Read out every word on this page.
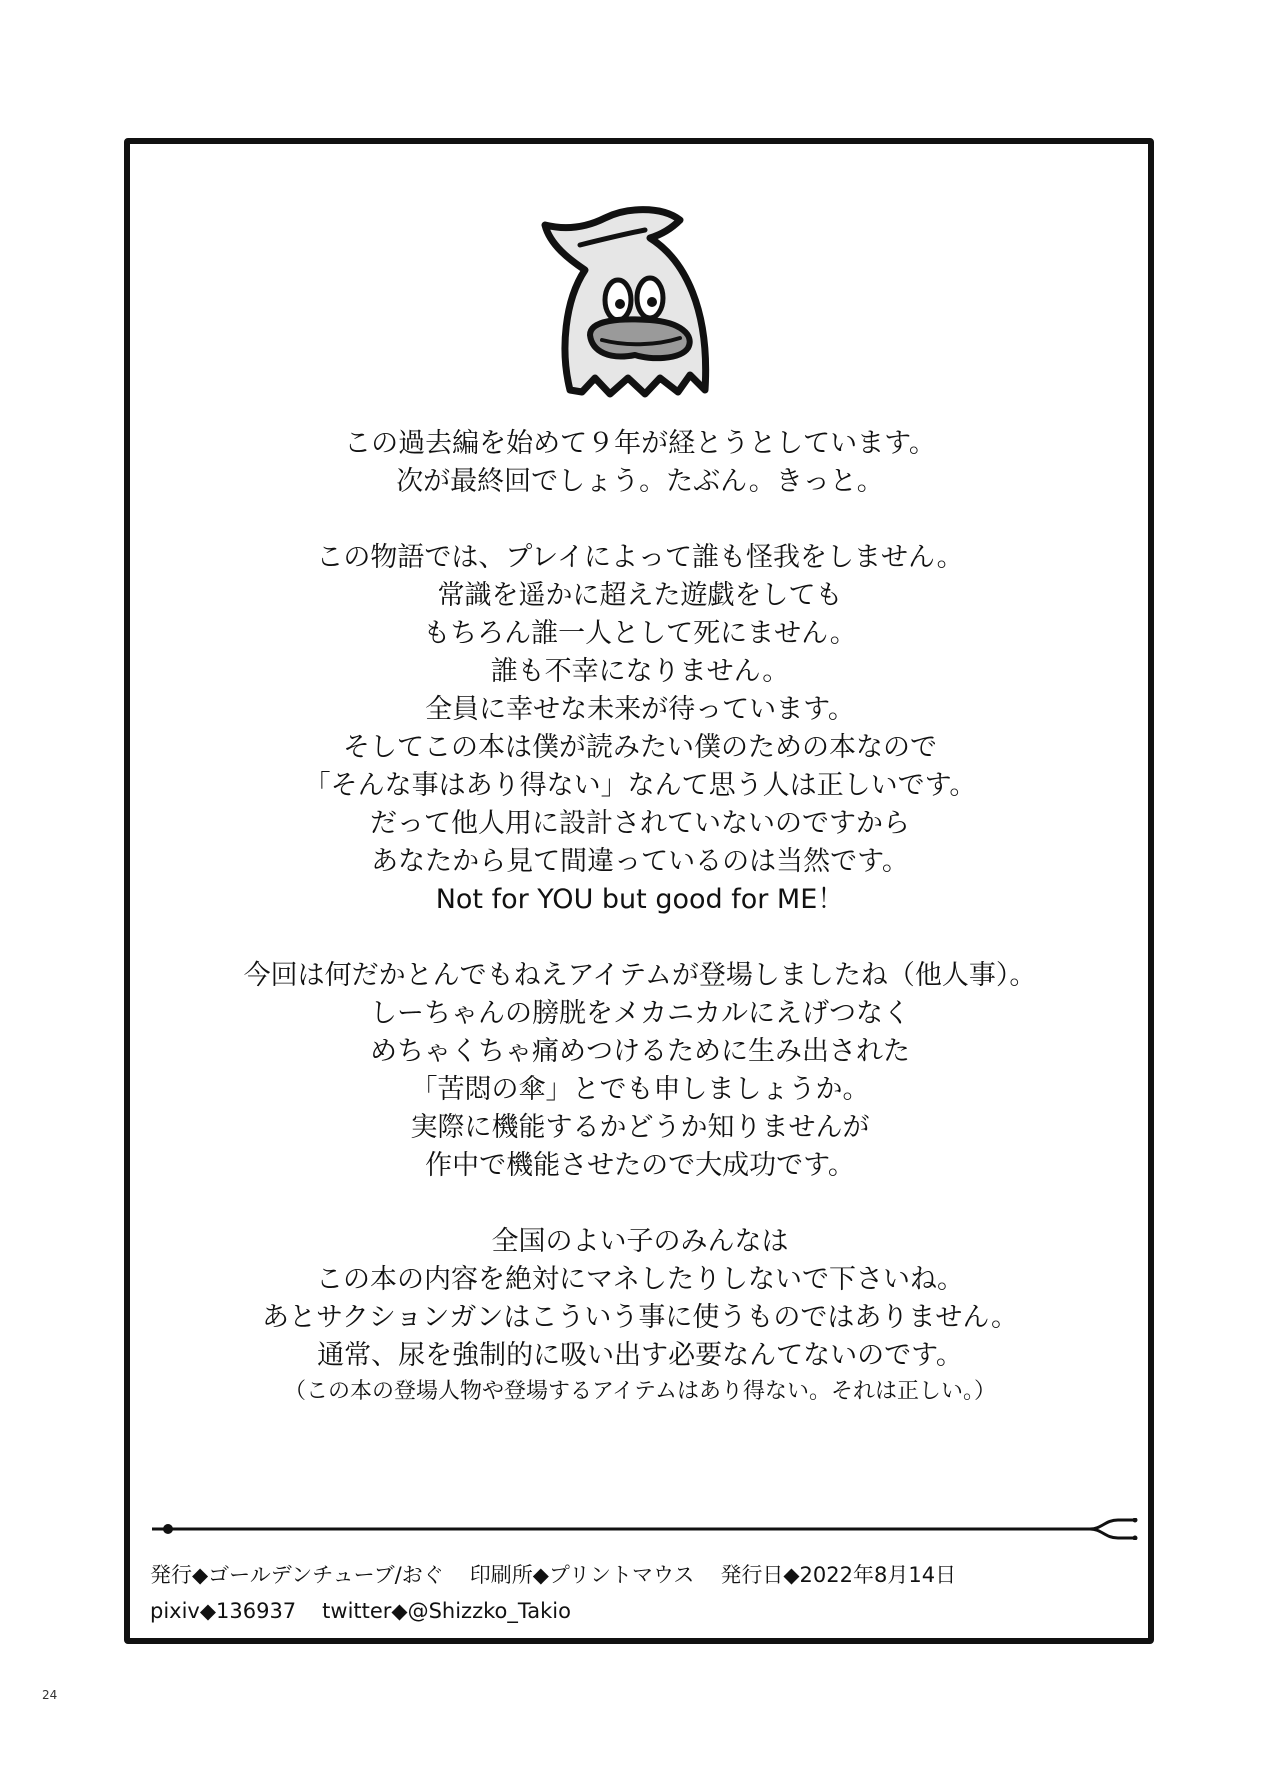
この過去編を始めて９年が経とうとしています。
次が最終回でしょう。たぶん。きっと。
この物語では、プレイによって誰も怪我をしません。
常識を遥かに超えた遊戯をしても
もちろん誰一人として死にません。
誰も不幸になりません。
全員に幸せな未来が待っています。
そしてこの本は僕が読みたい僕のための本なので
「そんな事はあり得ない」なんて思う人は正しいです。
だって他人用に設計されていないのですから
あなたから見て間違っているのは当然です。
Not for YOU but good for ME！
今回は何だかとんでもねえアイテムが登場しましたね（他人事）。
しーちゃんの膀胱をメカニカルにえげつなく
めちゃくちゃ痛めつけるために生み出された
「苦悶の傘」とでも申しましょうか。
実際に機能するかどうか知りませんが
作中で機能させたので大成功です。
全国のよい子のみんなは
この本の内容を絶対にマネしたりしないで下さいね。
あとサクションガンはこういう事に使うものではありません。
通常、尿を強制的に吸い出す必要なんてないのです。
（この本の登場人物や登場するアイテムはあり得ない。それは正しい。）
発行◆ゴールデンチューブ/おぐ 印刷所◆プリントマウス 発行日◆2022年8月14日
pixiv◆136937 twitter◆@Shizzko_Takio
24
